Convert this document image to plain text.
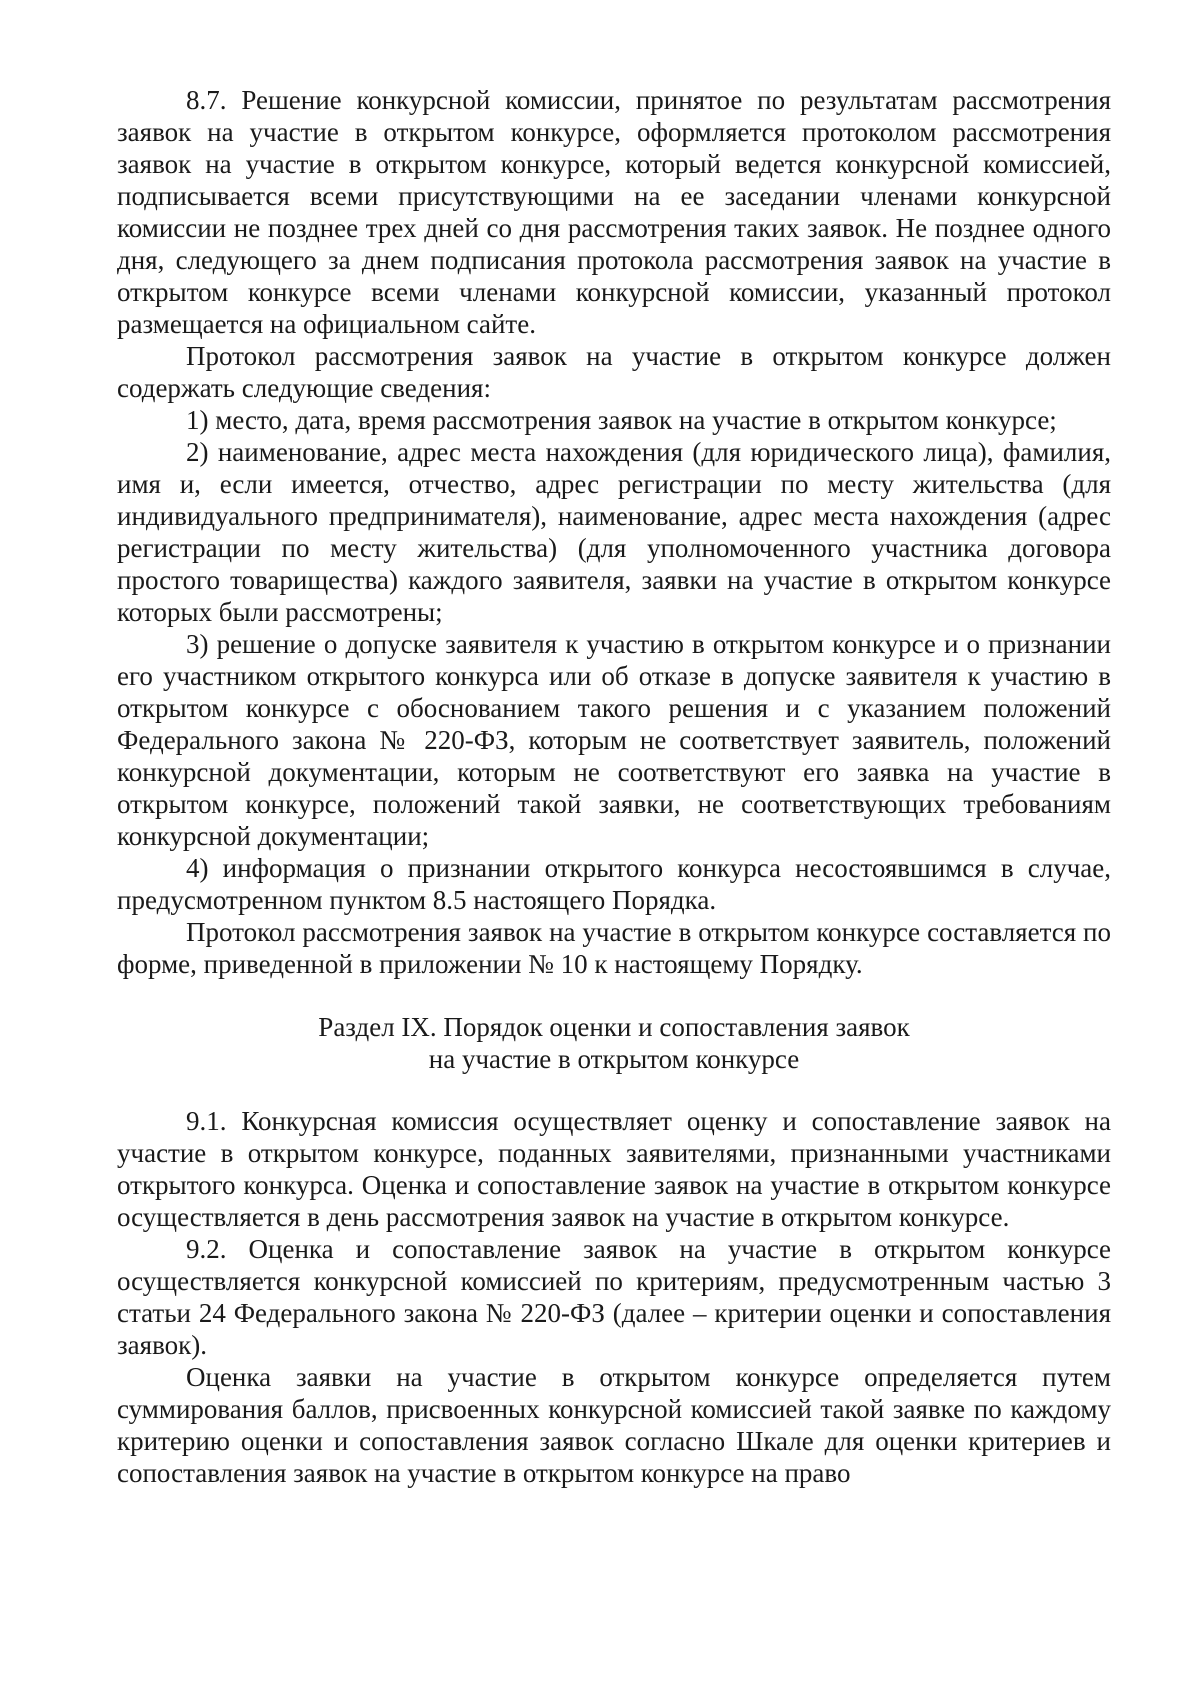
8.7. Решение конкурсной комиссии, принятое по результатам рассмотрения заявок на участие в открытом конкурсе, оформляется протоколом рассмотрения заявок на участие в открытом конкурсе, который ведется конкурсной комиссией, подписывается всеми присутствующими на ее заседании членами конкурсной комиссии не позднее трех дней со дня рассмотрения таких заявок. Не позднее одного дня, следующего за днем подписания протокола рассмотрения заявок на участие в открытом конкурсе всеми членами конкурсной комиссии, указанный протокол размещается на официальном сайте.

Протокол рассмотрения заявок на участие в открытом конкурсе должен содержать следующие сведения:

1) место, дата, время рассмотрения заявок на участие в открытом конкурсе;

2) наименование, адрес места нахождения (для юридического лица), фамилия, имя и, если имеется, отчество, адрес регистрации по месту жительства (для индивидуального предпринимателя), наименование, адрес места нахождения (адрес регистрации по месту жительства) (для уполномоченного участника договора простого товарищества) каждого заявителя, заявки на участие в открытом конкурсе которых были рассмотрены;

3) решение о допуске заявителя к участию в открытом конкурсе и о признании его участником открытого конкурса или об отказе в допуске заявителя к участию в открытом конкурсе с обоснованием такого решения и с указанием положений Федерального закона № 220-ФЗ, которым не соответствует заявитель, положений конкурсной документации, которым не соответствуют его заявка на участие в открытом конкурсе, положений такой заявки, не соответствующих требованиям конкурсной документации;

4) информация о признании открытого конкурса несостоявшимся в случае, предусмотренном пунктом 8.5 настоящего Порядка.

Протокол рассмотрения заявок на участие в открытом конкурсе составляется по форме, приведенной в приложении № 10 к настоящему Порядку.

Раздел IX. Порядок оценки и сопоставления заявок
на участие в открытом конкурсе

9.1. Конкурсная комиссия осуществляет оценку и сопоставление заявок на участие в открытом конкурсе, поданных заявителями, признанными участниками открытого конкурса. Оценка и сопоставление заявок на участие в открытом конкурсе осуществляется в день рассмотрения заявок на участие в открытом конкурсе.

9.2. Оценка и сопоставление заявок на участие в открытом конкурсе осуществляется конкурсной комиссией по критериям, предусмотренным частью 3 статьи 24 Федерального закона № 220-ФЗ (далее – критерии оценки и сопоставления заявок).

Оценка заявки на участие в открытом конкурсе определяется путем суммирования баллов, присвоенных конкурсной комиссией такой заявке по каждому критерию оценки и сопоставления заявок согласно Шкале для оценки критериев и сопоставления заявок на участие в открытом конкурсе на право
